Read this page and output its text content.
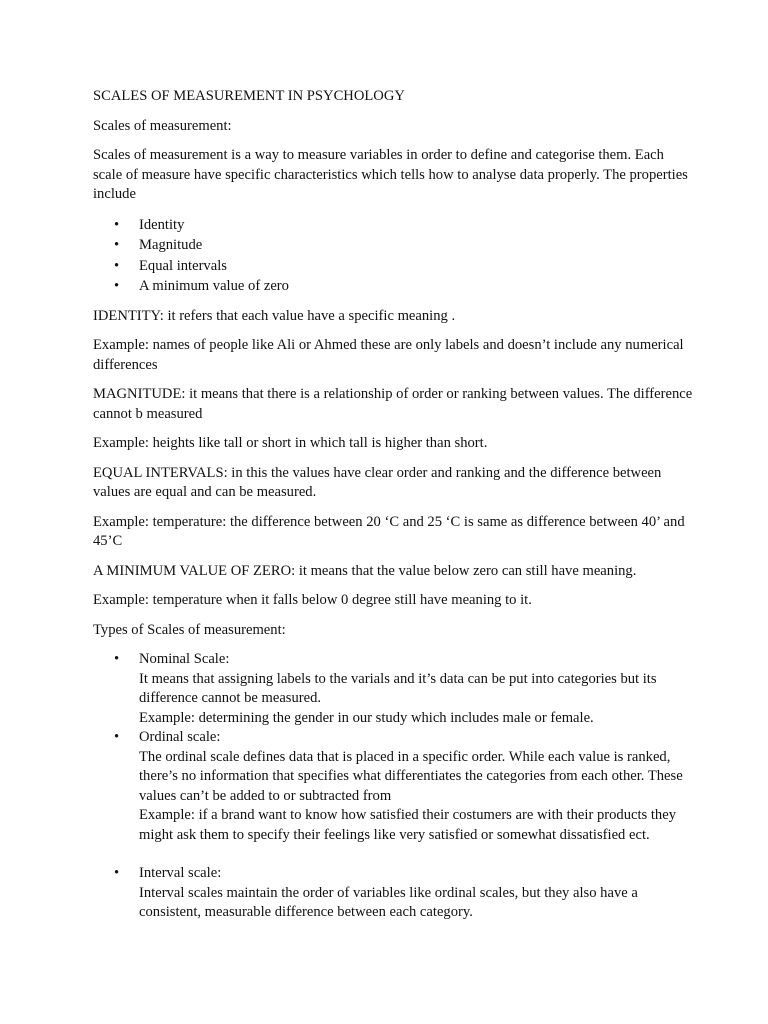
SCALES OF MEASUREMENT IN PSYCHOLOGY

Scales of measurement:

Scales of measurement is a way to measure variables in order to define and categorise them. Each scale of measure have specific characteristics which tells how to analyse data properly. The properties include

• Identity
• Magnitude
• Equal intervals
• A minimum value of zero

IDENTITY: it refers that each value have a specific meaning .

Example: names of people like Ali or Ahmed these are only labels and doesn’t include any numerical differences

MAGNITUDE: it means that there is a relationship of order or ranking between values. The difference cannot b measured

Example: heights like tall or short in which tall is higher than short.

EQUAL INTERVALS: in this the values have clear order and ranking and the difference between values are equal and can be measured.

Example: temperature: the difference between 20 ‘C and 25 ‘C is same as difference between 40’ and 45’C

A MINIMUM VALUE OF ZERO: it means that the value below zero can still have meaning.

Example: temperature when it falls below 0 degree still have meaning to it.

Types of Scales of measurement:

• Nominal Scale:
It means that assigning labels to the varials and it’s data can be put into categories but its difference cannot be measured.
Example: determining the gender in our study which includes male or female.
• Ordinal scale:
The ordinal scale defines data that is placed in a specific order. While each value is ranked, there’s no information that specifies what differentiates the categories from each other. These values can’t be added to or subtracted from
Example: if a brand want to know how satisfied their costumers are with their products they might ask them to specify their feelings like very satisfied or somewhat dissatisfied ect.
• Interval scale:
Interval scales maintain the order of variables like ordinal scales, but they also have a consistent, measurable difference between each category.
